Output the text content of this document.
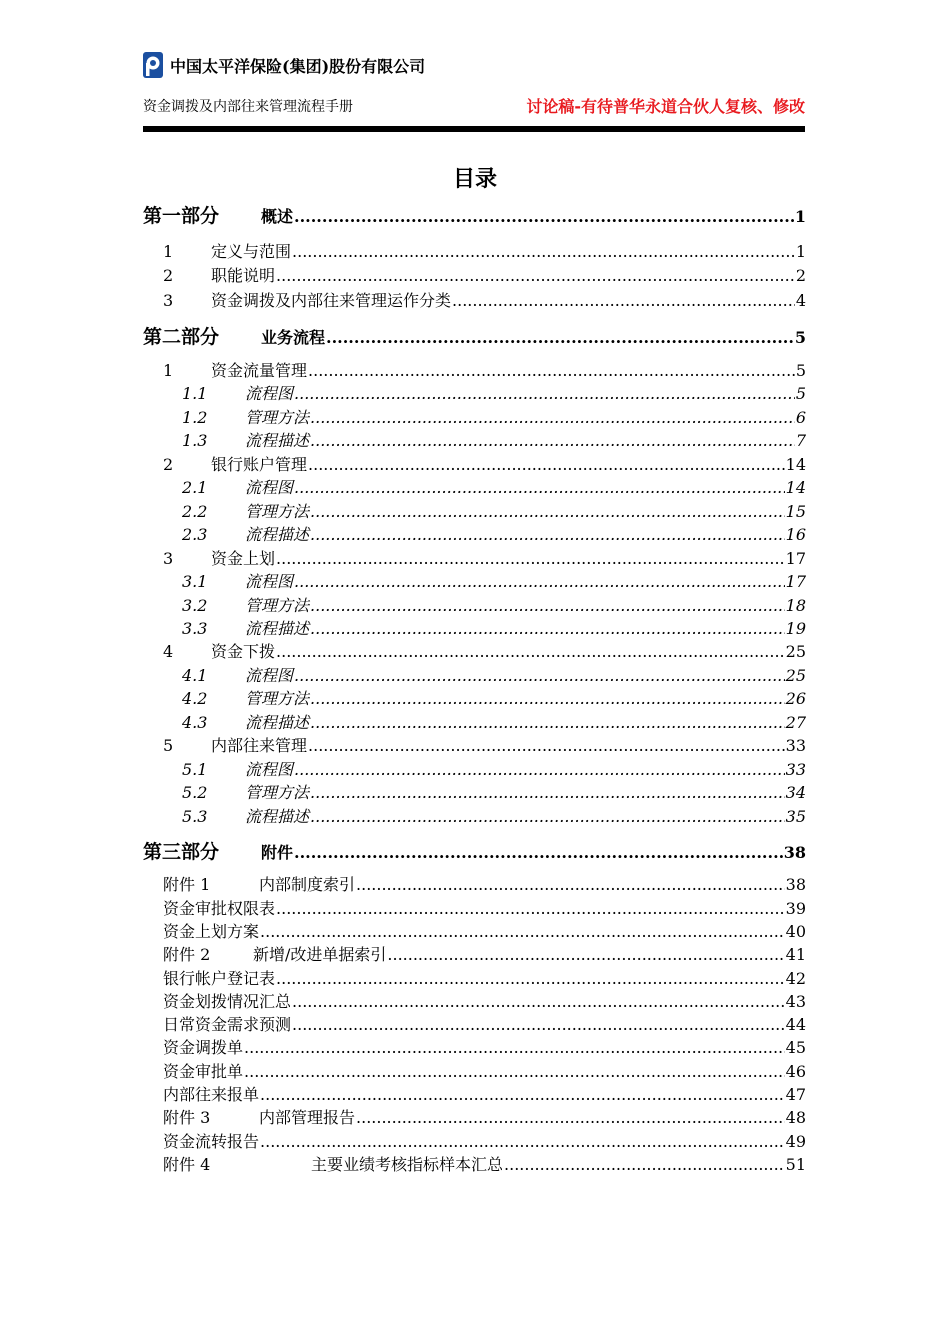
中国太平洋保险(集团)股份有限公司
资金调拨及内部往来管理流程手册	讨论稿-有待普华永道合伙人复核、修改
目录
第一部分	概述 .....	1
1	定义与范围 .....	1
2	职能说明 .....	2
3	资金调拨及内部往来管理运作分类 .....	4
第二部分	业务流程 .....	5
1	资金流量管理 .....	5
1.1	流程图 .....	5
1.2	管理方法 .....	6
1.3	流程描述 .....	7
2	银行账户管理 .....	14
2.1	流程图 .....	14
2.2	管理方法 .....	15
2.3	流程描述 .....	16
3	资金上划 .....	17
3.1	流程图 .....	17
3.2	管理方法 .....	18
3.3	流程描述 .....	19
4	资金下拨 .....	25
4.1	流程图 .....	25
4.2	管理方法 .....	26
4.3	流程描述 .....	27
5	内部往来管理 .....	33
5.1	流程图 .....	33
5.2	管理方法 .....	34
5.3	流程描述 .....	35
第三部分	附件 .....	38
附件 1	内部制度索引 .....	38
资金审批权限表 .....	39
资金上划方案 .....	40
附件 2	新增/改进单据索引 .....	41
银行帐户登记表 .....	42
资金划拨情况汇总 .....	43
日常资金需求预测 .....	44
资金调拨单 .....	45
资金审批单 .....	46
内部往来报单 .....	47
附件 3	内部管理报告 .....	48
资金流转报告 .....	49
附件 4	主要业绩考核指标样本汇总 .....	51
